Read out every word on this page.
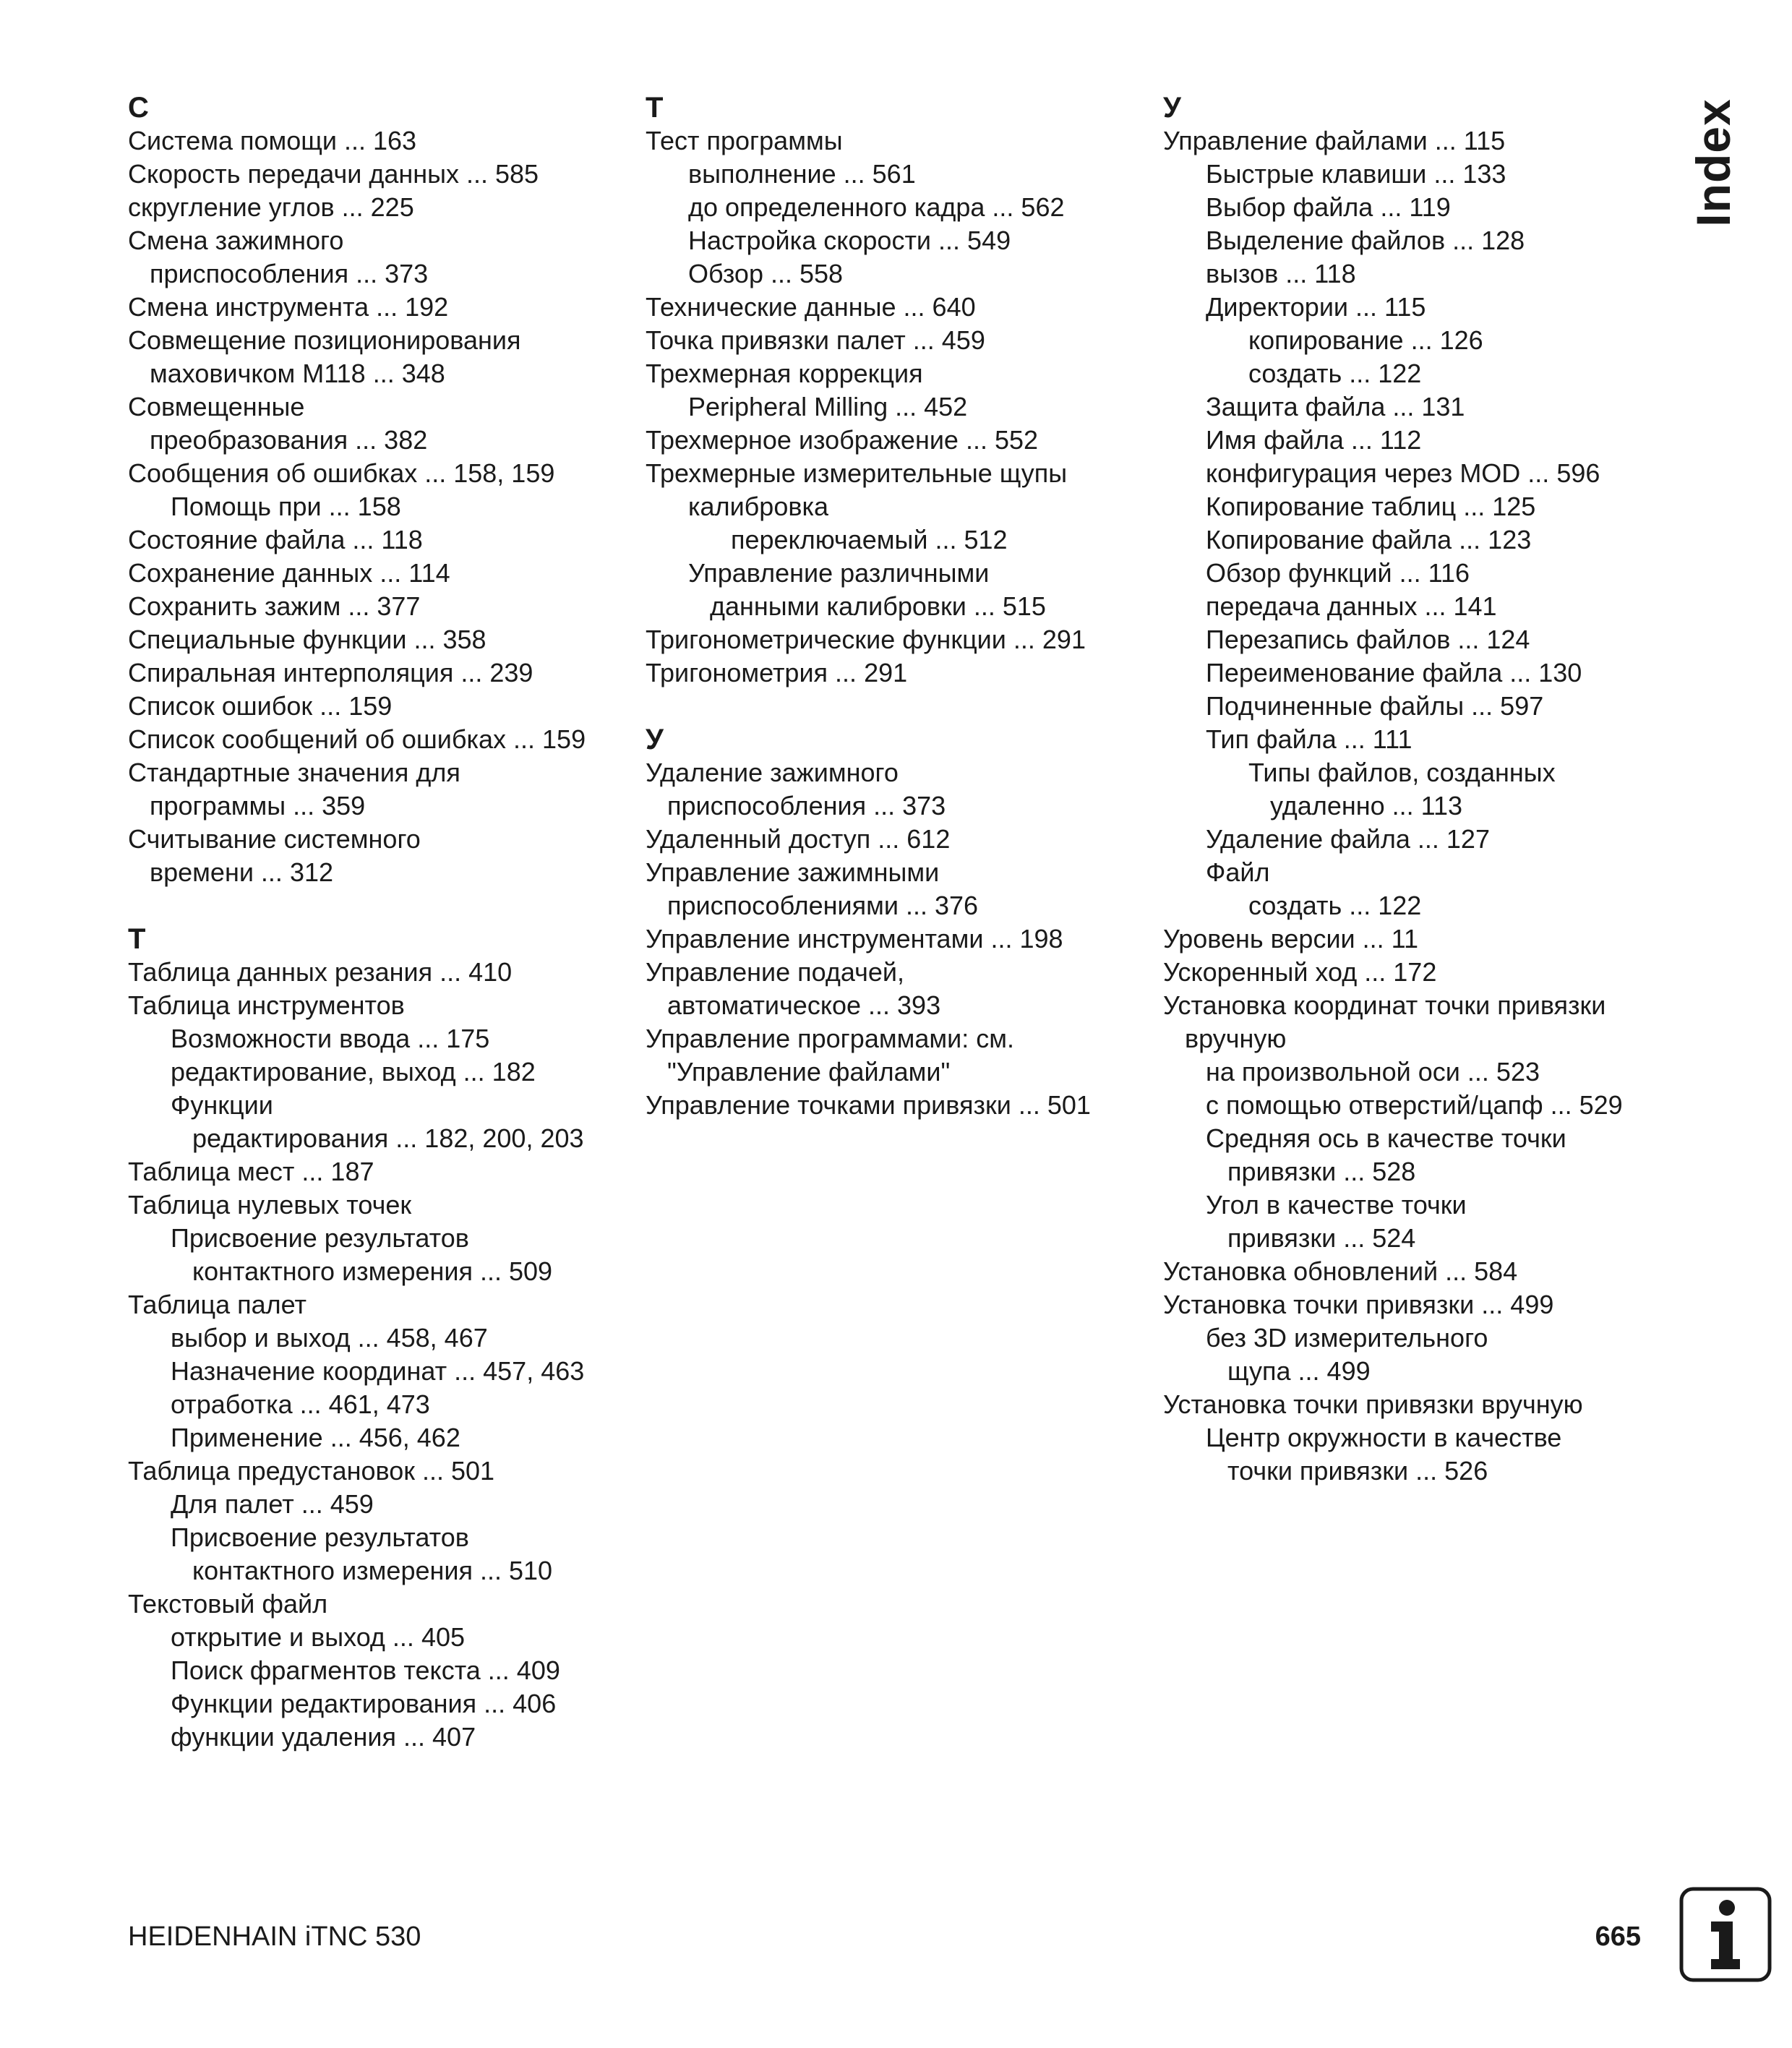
С
Система помощи ... 163
Скорость передачи данных ... 585
скругление углов ... 225
Смена зажимного
приспособления ... 373
Смена инструмента ... 192
Совмещение позиционирования
маховичком M118 ... 348
Совмещенные
преобразования ... 382
Сообщения об ошибках ... 158, 159
Помощь при ... 158
Состояние файла ... 118
Сохранение данных ... 114
Сохранить зажим ... 377
Специальные функции ... 358
Спиральная интерполяция ... 239
Список ошибок ... 159
Список сообщений об ошибках ... 159
Стандартные значения для
программы ... 359
Считывание системного
времени ... 312
Т
Таблица данных резания ... 410
Таблица инструментов
Возможности ввода ... 175
редактирование, выход ... 182
Функции
редактирования ... 182, 200, 203
Таблица мест ... 187
Таблица нулевых точек
Присвоение результатов
контактного измерения ... 509
Таблица палет
выбор и выход ... 458, 467
Назначение координат ... 457, 463
отработка ... 461, 473
Применение ... 456, 462
Таблица предустановок ... 501
Для палет ... 459
Присвоение результатов
контактного измерения ... 510
Текстовый файл
открытие и выход ... 405
Поиск фрагментов текста ... 409
Функции редактирования ... 406
функции удаления ... 407
Т
Тест программы
выполнение ... 561
до определенного кадра ... 562
Настройка скорости ... 549
Обзор ... 558
Технические данные ... 640
Точка привязки палет ... 459
Трехмерная коррекция
Peripheral Milling ... 452
Трехмерное изображение ... 552
Трехмерные измерительные щупы
калибровка
переключаемый ... 512
Управление различными
данными калибровки ... 515
Тригонометрические функции ... 291
Тригонометрия ... 291
У
Удаление зажимного
приспособления ... 373
Удаленный доступ ... 612
Управление зажимными
приспособлениями ... 376
Управление инструментами ... 198
Управление подачей,
автоматическое ... 393
Управление программами: см.
"Управление файлами"
Управление точками привязки ... 501
У
Управление файлами ... 115
Быстрые клавиши ... 133
Выбор файла ... 119
Выделение файлов ... 128
вызов ... 118
Директории ... 115
копирование ... 126
создать ... 122
Защита файла ... 131
Имя файла ... 112
конфигурация через MOD ... 596
Копирование таблиц ... 125
Копирование файла ... 123
Обзор функций ... 116
передача данных ... 141
Перезапись файлов ... 124
Переименование файла ... 130
Подчиненные файлы ... 597
Тип файла ... 111
Типы файлов, созданных
удаленно ... 113
Удаление файла ... 127
Файл
создать ... 122
Уровень версии ... 11
Ускоренный ход ... 172
Установка координат точки привязки
вручную
на произвольной оси ... 523
с помощью отверстий/цапф ... 529
Средняя ось в качестве точки
привязки ... 528
Угол в качестве точки
привязки ... 524
Установка обновлений ... 584
Установка точки привязки ... 499
без 3D измерительного
щупа ... 499
Установка точки привязки вручную
Центр окружности в качестве
точки привязки ... 526
Index
HEIDENHAIN iTNC 530	665
